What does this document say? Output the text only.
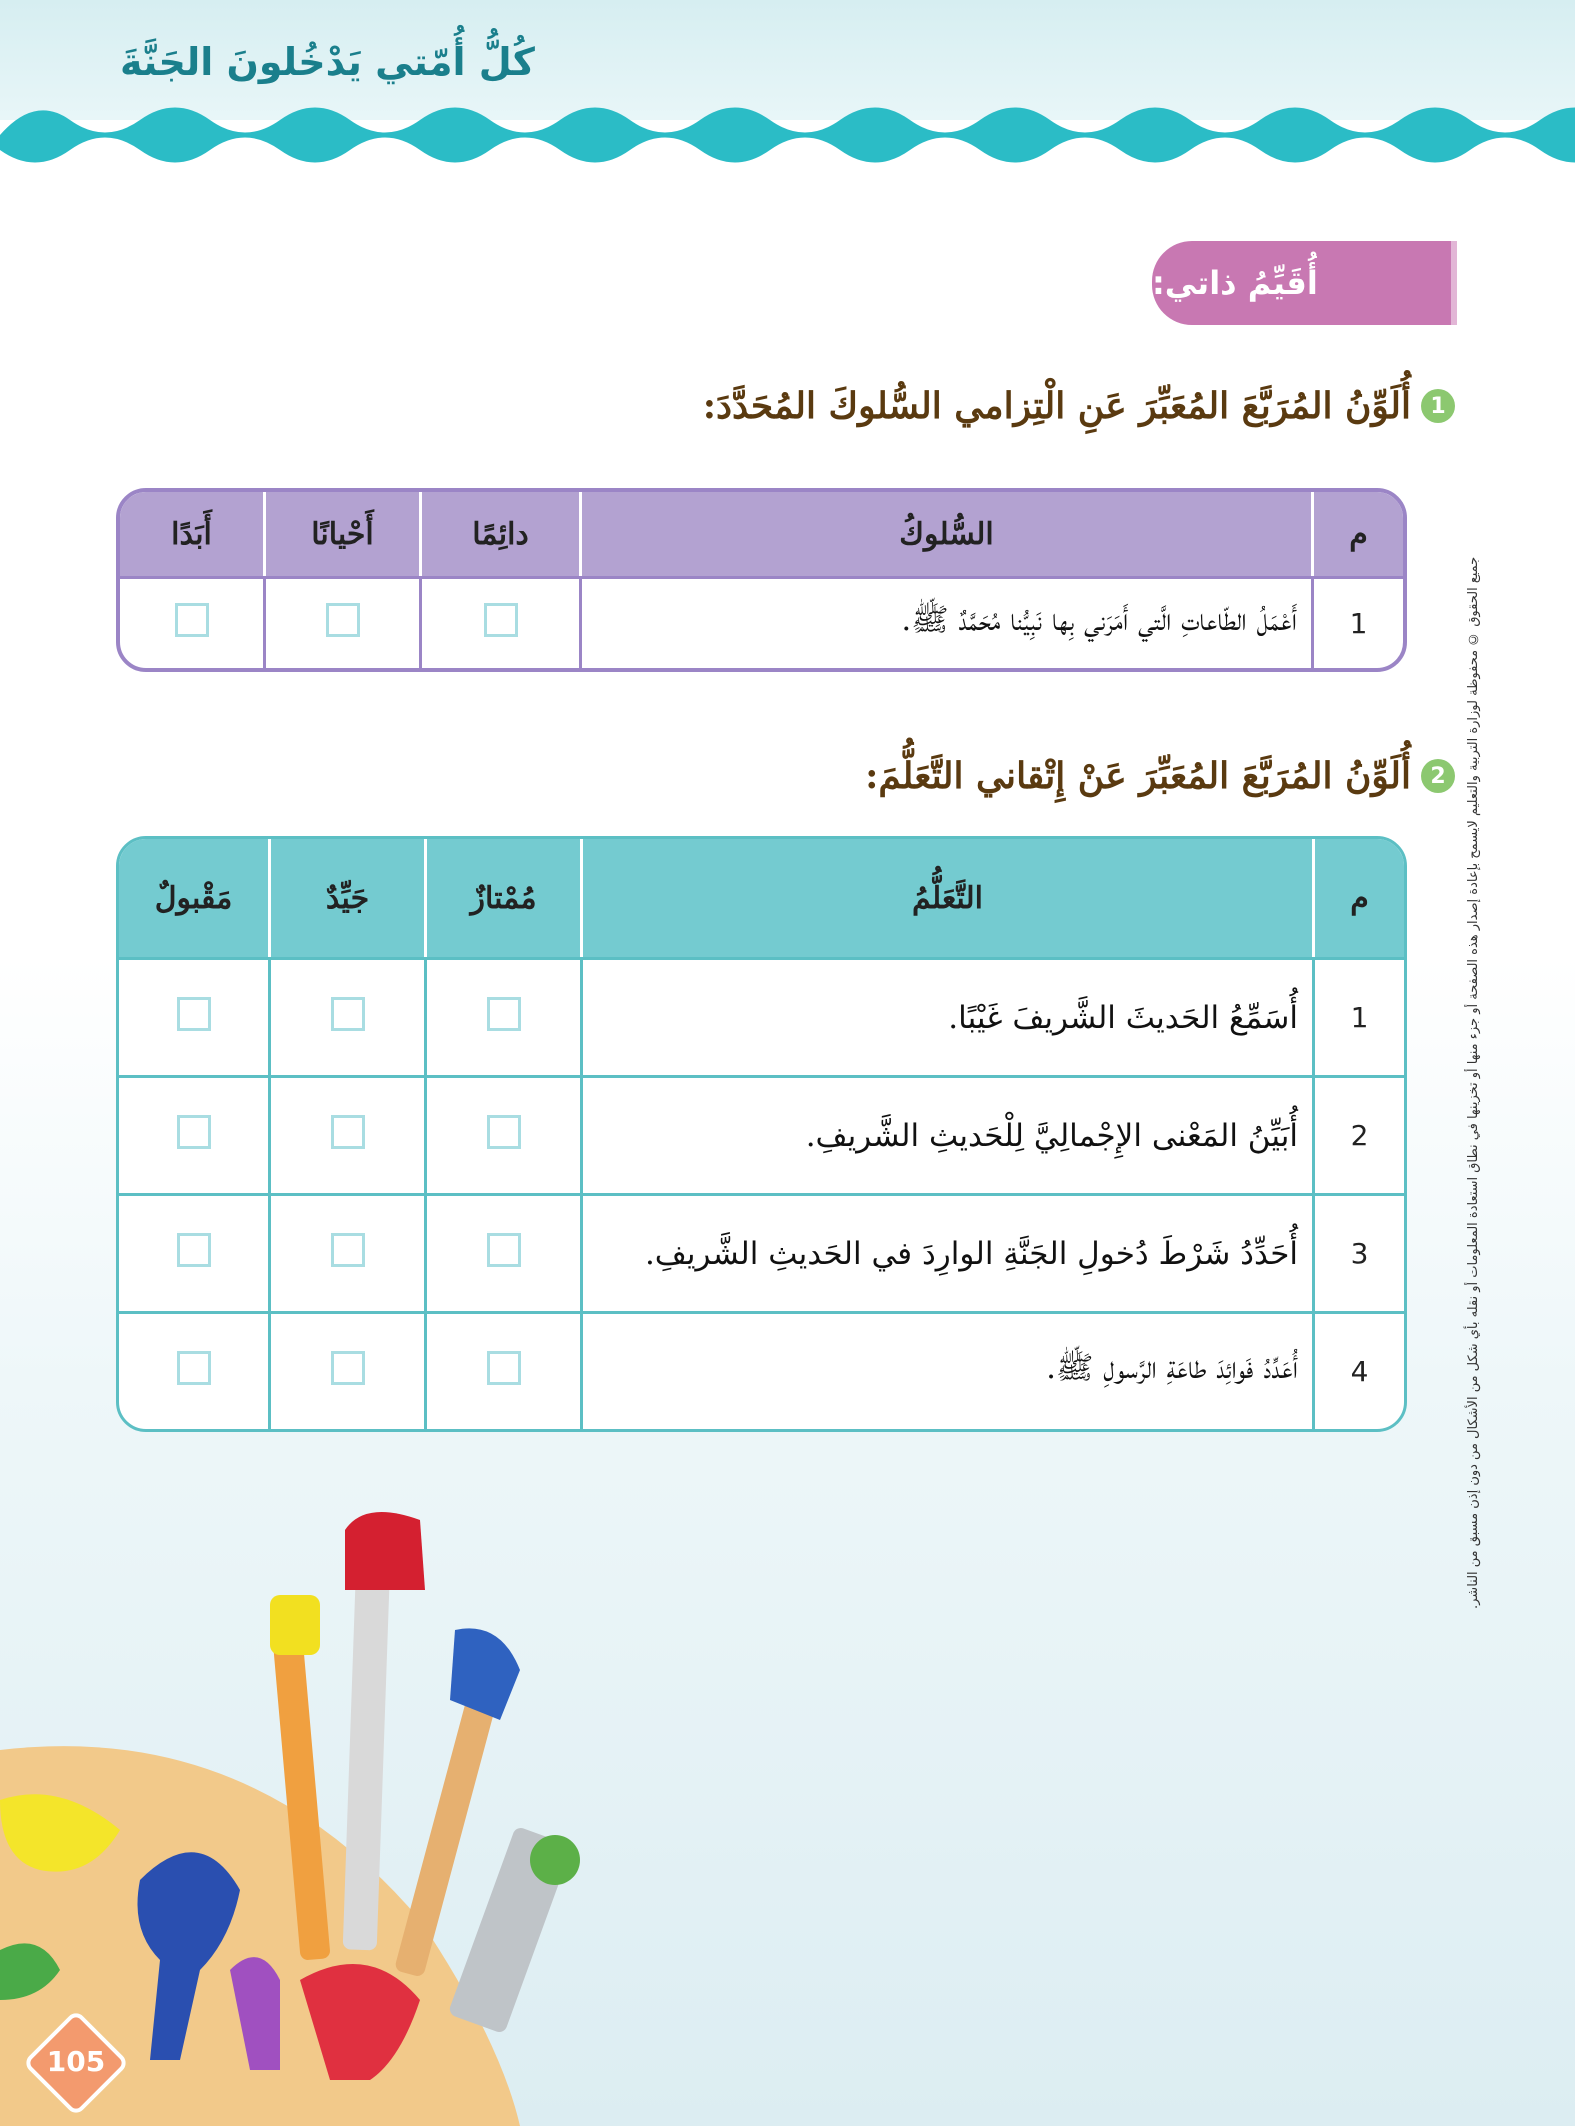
كُلُّ أُمّتي يَدْخُلونَ الجَنَّةَ
أُقَيِّمُ ذاتي:
1
أُلَوِّنُ المُرَبَّعَ المُعَبِّرَ عَنِ الْتِزامي السُّلوكَ المُحَدَّدَ:
م	السُّلوكُ	دائِمًا	أَحْيانًا	أَبَدًا
1	أَعْمَلُ الطّاعاتِ الَّتي أَمَرَني بِها نَبِيُّنا مُحَمَّدٌ ﷺ.			
2
أُلَوِّنُ المُرَبَّعَ المُعَبِّرَ عَنْ إِتْقاني التَّعَلُّمَ:
م	التَّعَلُّمُ	مُمْتازٌ	جَيِّدٌ	مَقْبولٌ
1	أُسَمِّعُ الحَديثَ الشَّريفَ غَيْبًا.			
2	أُبَيِّنُ المَعْنى الإِجْمالِيَّ لِلْحَديثِ الشَّريفِ.			
3	أُحَدِّدُ شَرْطَ دُخولِ الجَنَّةِ الوارِدَ في الحَديثِ الشَّريفِ.			
4	أُعَدِّدُ فَوائِدَ طاعَةِ الرَّسولِ ﷺ.				جميع الحقوق © محفوظة لوزارة التربية والتعليم لايسمح بإعادة إصدار هذه الصفحة أو جزء منها أو تخزينها في نطاق استعادة المعلومات أو نقله بأي شكل من الأشكال من دون إذن مسبق من الناشر.
105
